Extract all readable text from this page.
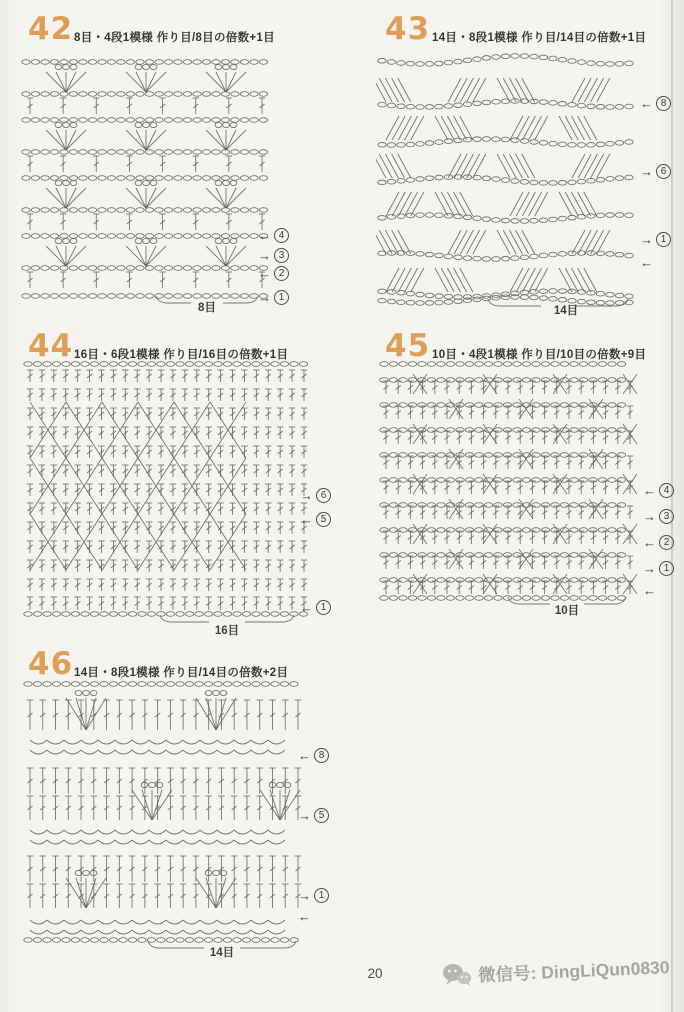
42 8目・4段1模様 作り目/8目の倍数+1目
8目
← 4
→ 3
← 2
→ 1
43 14目・8段1模様 作り目/14目の倍数+1目
14目
← 8
→ 6
→ 1
←
44 16目・6段1模様 作り目/16目の倍数+1目
16目
→ 6
← 5
← 1
45 10目・4段1模様 作り目/10目の倍数+9目
10目
← 4
→ 3
← 2
→ 1
←
46 14目・8段1模様 作り目/14目の倍数+2目
14目
← 8
→ 5
→ 1
←
20	微信号: DingLiQun0830
